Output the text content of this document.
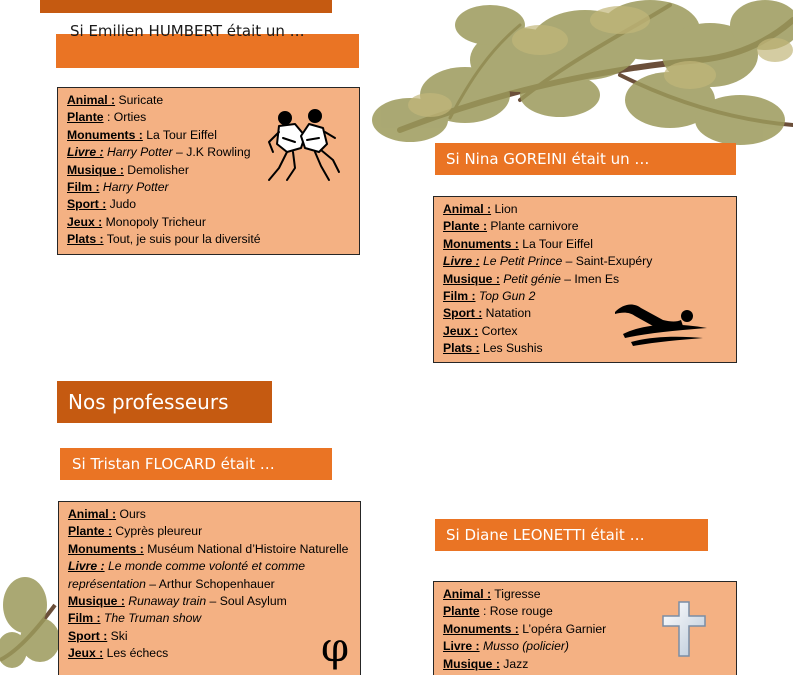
Si Emilien HUMBERT était un …
Animal : Suricate
Plante : Orties
Monuments : La Tour Eiffel
Livre : Harry Potter – J.K Rowling
Musique : Demolisher
Film : Harry Potter
Sport : Judo
Jeux : Monopoly Tricheur
Plats : Tout, je suis pour la diversité
Si Nina GOREINI était un …
Animal : Lion
Plante : Plante carnivore
Monuments : La Tour Eiffel
Livre : Le Petit Prince – Saint-Exupéry
Musique : Petit génie – Imen Es
Film : Top Gun 2
Sport : Natation
Jeux : Cortex
Plats : Les Sushis
Nos professeurs
Si Tristan FLOCARD était …
Animal : Ours
Plante : Cyprès pleureur
Monuments : Muséum National d’Histoire Naturelle
Livre : Le monde comme volonté et comme représentation – Arthur Schopenhauer
Musique : Runaway train – Soul Asylum
Film : The Truman show
Sport : Ski
Jeux : Les échecs	φ
Si Diane LEONETTI était …
Animal : Tigresse
Plante : Rose rouge
Monuments : L’opéra Garnier
Livre : Musso (policier)
Musique : Jazz
